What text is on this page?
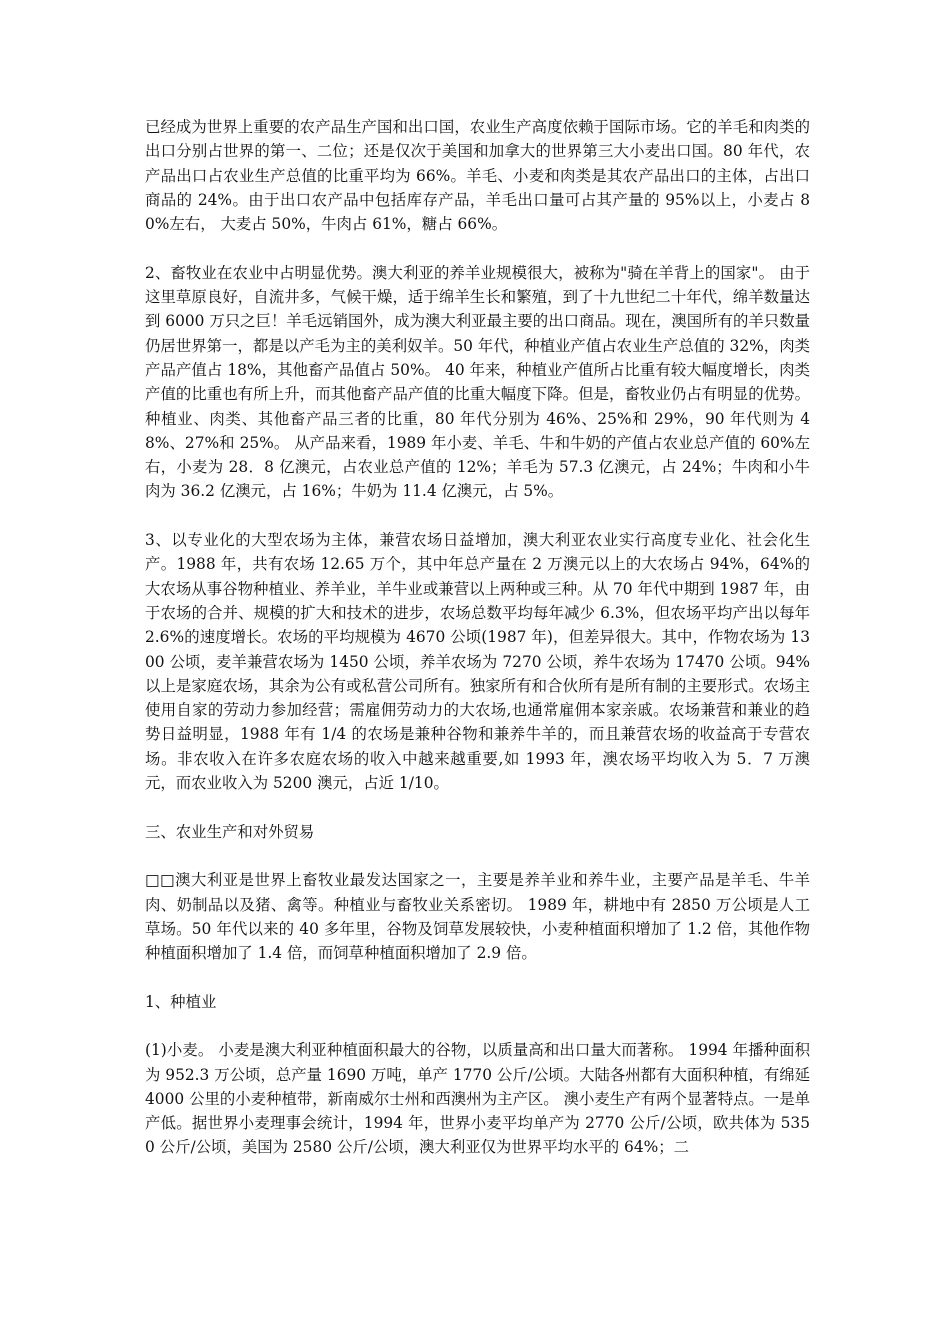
已经成为世界上重要的农产品生产国和出口国，农业生产高度依赖于国际市场。它的羊毛和肉类的出口分别占世界的第一、二位；还是仅次于美国和加拿大的世界第三大小麦出口国。80 年代，农产品出口占农业生产总值的比重平均为 66%。羊毛、小麦和肉类是其农产品出口的主体，占出口商品的 24%。由于出口农产品中包括库存产品，羊毛出口量可占其产量的 95%以上，小麦占 80%左右， 大麦占 50%，牛肉占 61%，糖占 66%。

2、畜牧业在农业中占明显优势。澳大利亚的养羊业规模很大，被称为"骑在羊背上的国家"。 由于这里草原良好，自流井多，气候干燥，适于绵羊生长和繁殖，到了十九世纪二十年代，绵羊数量达到 6000 万只之巨！羊毛远销国外，成为澳大利亚最主要的出口商品。现在，澳国所有的羊只数量仍居世界第一，都是以产毛为主的美利奴羊。50 年代，种植业产值占农业生产总值的 32%，肉类产品产值占 18%，其他畜产品值占 50%。 40 年来，种植业产值所占比重有较大幅度增长，肉类产值的比重也有所上升，而其他畜产品产值的比重大幅度下降。但是，畜牧业仍占有明显的优势。种植业、肉类、其他畜产品三者的比重，80 年代分别为 46%、25%和 29%，90 年代则为 48%、27%和 25%。 从产品来看，1989 年小麦、羊毛、牛和牛奶的产值占农业总产值的 60%左右，小麦为 28．8 亿澳元，占农业总产值的 12%；羊毛为 57.3 亿澳元，占 24%；牛肉和小牛肉为 36.2 亿澳元，占 16%；牛奶为 11.4 亿澳元，占 5%。

3、以专业化的大型农场为主体，兼营农场日益增加，澳大利亚农业实行高度专业化、社会化生产。1988 年，共有农场 12.65 万个，其中年总产量在 2 万澳元以上的大农场占 94%，64%的大农场从事谷物种植业、养羊业，羊牛业或兼营以上两种或三种。从 70 年代中期到 1987 年，由于农场的合并、规模的扩大和技术的进步，农场总数平均每年减少 6.3%，但农场平均产出以每年 2.6%的速度增长。农场的平均规模为 4670 公顷(1987 年)，但差异很大。其中，作物农场为 1300 公顷，麦羊兼营农场为 1450 公顷，养羊农场为 7270 公顷，养牛农场为 17470 公顷。94%以上是家庭农场，其余为公有或私营公司所有。独家所有和合伙所有是所有制的主要形式。农场主使用自家的劳动力参加经营；需雇佣劳动力的大农场,也通常雇佣本家亲戚。农场兼营和兼业的趋势日益明显，1988 年有 1/4 的农场是兼种谷物和兼养牛羊的，而且兼营农场的收益高于专营农场。非农收入在许多农庭农场的收入中越来越重要,如 1993 年，澳农场平均收入为 5．7 万澳元，而农业收入为 5200 澳元，占近 1/10。

三、农业生产和对外贸易

□□澳大利亚是世界上畜牧业最发达国家之一，主要是养羊业和养牛业，主要产品是羊毛、牛羊肉、奶制品以及猪、禽等。种植业与畜牧业关系密切。 1989 年，耕地中有 2850 万公顷是人工草场。50 年代以来的 40 多年里，谷物及饲草发展较快，小麦种植面积增加了 1.2 倍，其他作物种植面积增加了 1.4 倍，而饲草种植面积增加了 2.9 倍。

1、种植业

(1)小麦。 小麦是澳大利亚种植面积最大的谷物，以质量高和出口量大而著称。 1994 年播种面积为 952.3 万公顷，总产量 1690 万吨，单产 1770 公斤/公顷。大陆各州都有大面积种植，有绵延 4000 公里的小麦种植带，新南威尔士州和西澳州为主产区。 澳小麦生产有两个显著特点。一是单产低。据世界小麦理事会统计，1994 年，世界小麦平均单产为 2770 公斤/公顷，欧共体为 5350 公斤/公顷，美国为 2580 公斤/公顷，澳大利亚仅为世界平均水平的 64%；二
